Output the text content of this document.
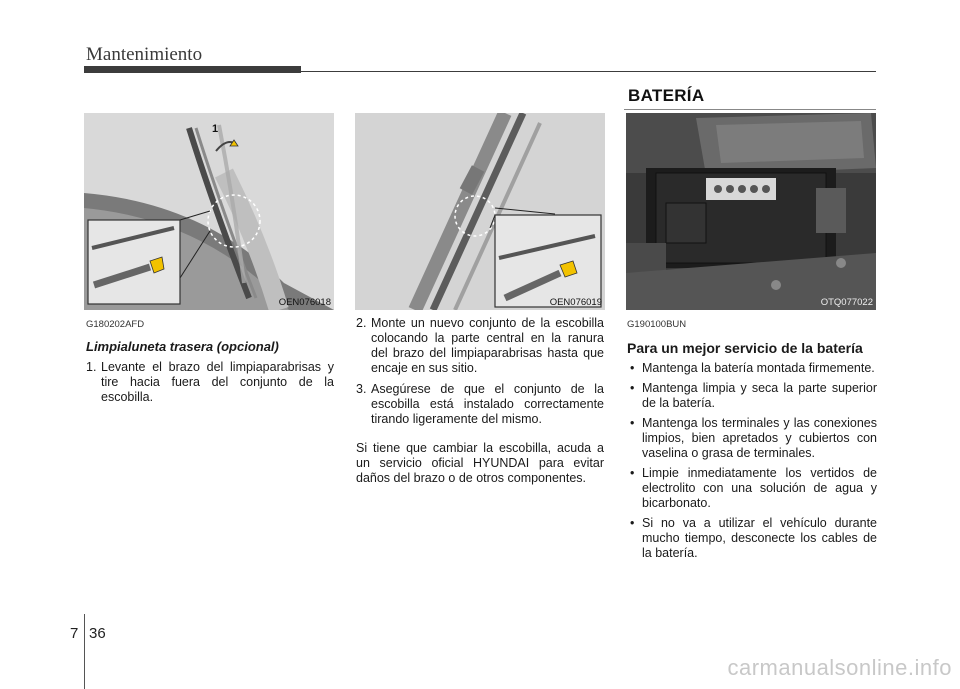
Mantenimiento
BATERÍA
1
OEN076018	OEN076019	OTQ077022
G180202AFD
Limpialuneta trasera (opcional)
1. Levante el brazo del limpiaparabrisas y tire hacia fuera del conjunto de la escobilla.
2. Monte un nuevo conjunto de la escobilla colocando la parte central en la ranura del brazo del limpiaparabrisas hasta que encaje en sus sitio.
3. Asegúrese de que el conjunto de la escobilla está instalado correctamente tirando ligeramente del mismo.
Si tiene que cambiar la escobilla, acuda a un servicio oficial HYUNDAI para evitar daños del brazo o de otros componentes.
G190100BUN
Para un mejor servicio de la batería
• Mantenga la batería montada firmemente.
• Mantenga limpia y seca la parte superior de la batería.
• Mantenga los terminales y las conexiones limpios, bien apretados y cubiertos con vaselina o grasa de terminales.
• Limpie inmediatamente los vertidos de electrolito con una solución de agua y bicarbonato.
• Si no va a utilizar el vehículo durante mucho tiempo, desconecte los cables de la batería.
7 36
carmanualsonline.info
